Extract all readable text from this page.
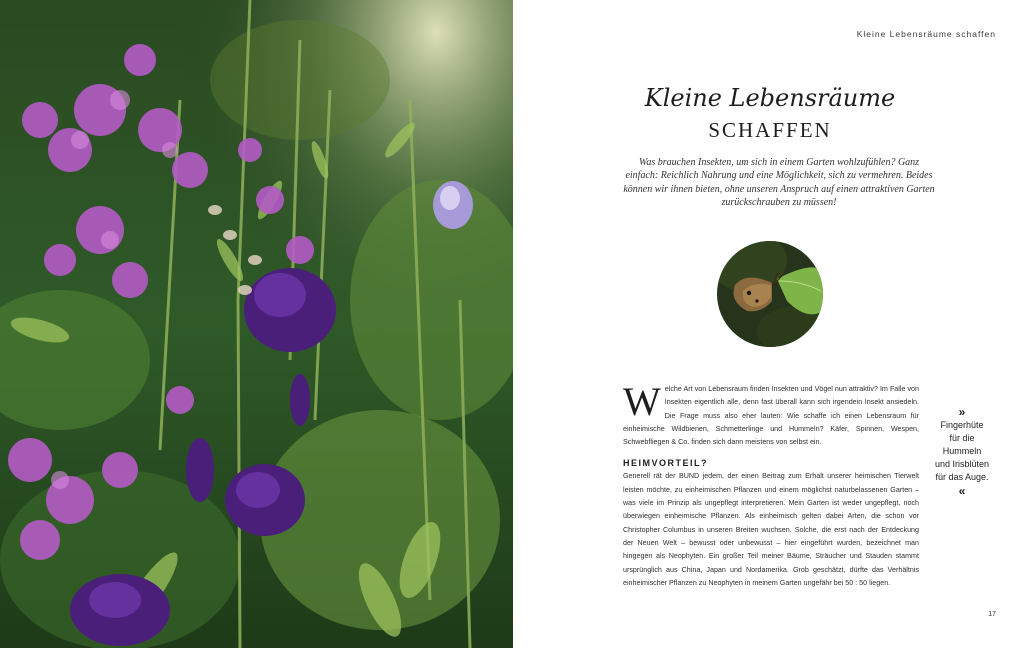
Kleine Lebensräume schaffen
Kleine Lebensräume
SCHAFFEN
Was brauchen Insekten, um sich in einem Garten wohlzufühlen? Ganz einfach: Reichlich Nahrung und eine Möglichkeit, sich zu vermehren. Beides können wir ihnen bieten, ohne unseren Anspruch auf einen attraktiven Garten zurückschrauben zu müssen!

Welche Art von Lebensraum finden Insekten und Vögel nun attraktiv? Im Falle von Insekten eigentlich alle, denn fast überall kann sich irgendein Insekt ansiedeln. Die Frage muss also eher lauten: Wie schaffe ich einen Lebensraum für einheimische Wildbienen, Schmetterlinge und Hummeln? Käfer, Spinnen, Wespen, Schwebfliegen & Co. finden sich dann meistens von selbst ein.

HEIMVORTEIL?

Generell rät der BUND jedem, der einen Beitrag zum Erhalt unserer heimischen Tierwelt leisten möchte, zu einheimischen Pflanzen und einem möglichst naturbelassenen Garten – was viele im Prinzip als ungepflegt interpretieren. Mein Garten ist weder ungepflegt, noch überwiegen einheimische Pflanzen. Als einheimisch gelten dabei Arten, die schon vor Christopher Columbus in unseren Breiten wuchsen. Solche, die erst nach der Entdeckung der Neuen Welt – bewusst oder unbewusst – hier eingeführt wurden, bezeichnet man hingegen als Neophyten. Ein großer Teil meiner Bäume, Sträucher und Stauden stammt ursprünglich aus China, Japan und Nordamerika. Grob geschätzt, dürfte das Verhältnis einheimischer Pflanzen zu Neophyten in meinem Garten ungefähr bei 50 : 50 liegen.

»
Fingerhüte für die Hummeln und Irisblüten für das Auge.
«
17
